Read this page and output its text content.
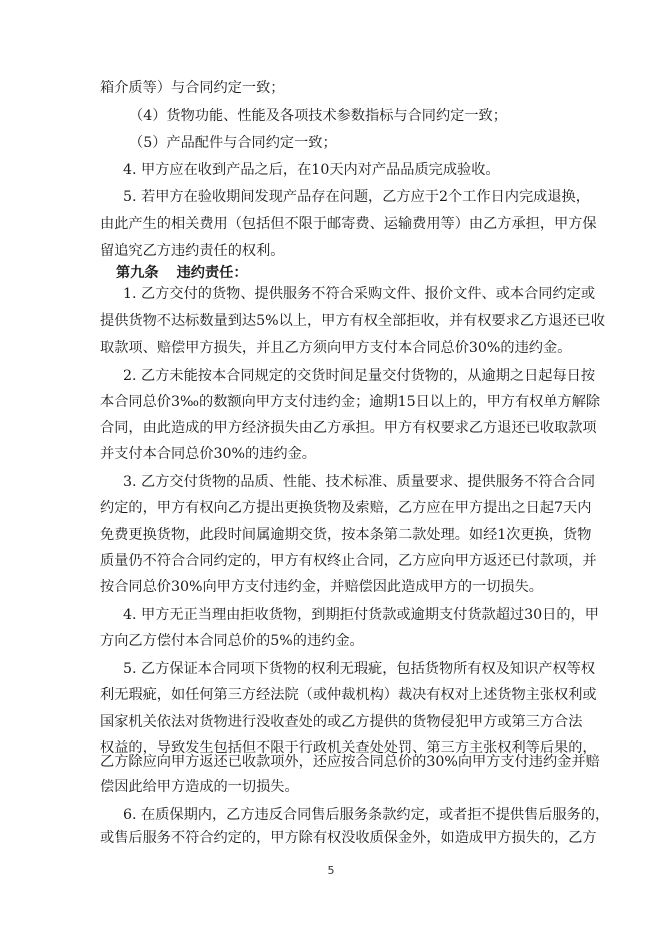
箱介质等）与合同约定一致；
（4）货物功能、性能及各项技术参数指标与合同约定一致；
（5）产品配件与合同约定一致；
4. 甲方应在收到产品之后，在10天内对产品品质完成验收。
5. 若甲方在验收期间发现产品存在问题，乙方应于2个工作日内完成退换，
由此产生的相关费用（包括但不限于邮寄费、运输费用等）由乙方承担，甲方保
留追究乙方违约责任的权利。
第九条 违约责任：
1. 乙方交付的货物、提供服务不符合采购文件、报价文件、或本合同约定或
提供货物不达标数量到达5%以上，甲方有权全部拒收，并有权要求乙方退还已收
取款项、赔偿甲方损失，并且乙方须向甲方支付本合同总价30%的违约金。
2. 乙方未能按本合同规定的交货时间足量交付货物的，从逾期之日起每日按
本合同总价3‰的数额向甲方支付违约金；逾期15日以上的，甲方有权单方解除
合同，由此造成的甲方经济损失由乙方承担。甲方有权要求乙方退还已收取款项
并支付本合同总价30%的违约金。
3. 乙方交付货物的品质、性能、技术标准、质量要求、提供服务不符合合同
约定的，甲方有权向乙方提出更换货物及索赔，乙方应在甲方提出之日起7天内
免费更换货物，此段时间属逾期交货，按本条第二款处理。如经1次更换，货物
质量仍不符合合同约定的，甲方有权终止合同，乙方应向甲方返还已付款项，并
按合同总价30%向甲方支付违约金，并赔偿因此造成甲方的一切损失。
4. 甲方无正当理由拒收货物，到期拒付货款或逾期支付货款超过30日的，甲
方向乙方偿付本合同总价的5%的违约金。
5. 乙方保证本合同项下货物的权利无瑕疵，包括货物所有权及知识产权等权
利无瑕疵，如任何第三方经法院（或仲裁机构）裁决有权对上述货物主张权利或
国家机关依法对货物进行没收查处的或乙方提供的货物侵犯甲方或第三方合法
权益的，导致发生包括但不限于行政机关查处处罚、第三方主张权利等后果的，
乙方除应向甲方返还已收款项外，还应按合同总价的30%向甲方支付违约金并赔
偿因此给甲方造成的一切损失。
6. 在质保期内，乙方违反合同售后服务条款约定，或者拒不提供售后服务的，
或售后服务不符合约定的，甲方除有权没收质保金外，如造成甲方损失的，乙方
5
